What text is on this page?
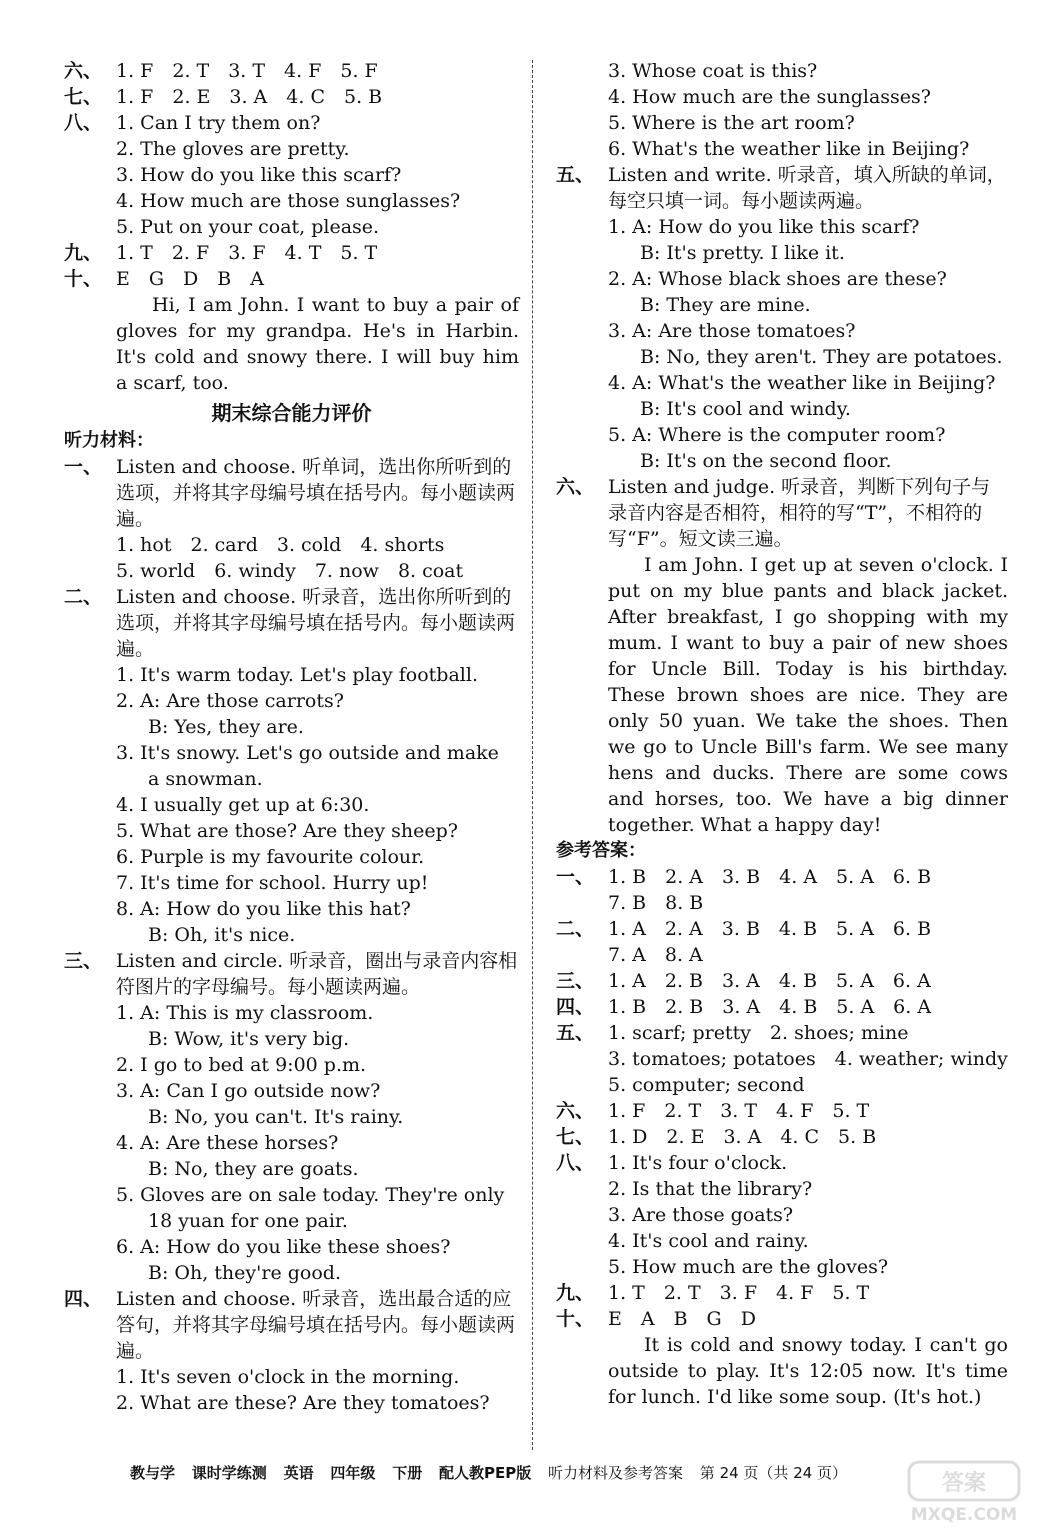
六、 1. F　2. T　3. T　4. F　5. F
七、 1. F　2. E　3. A　4. C　5. B
八、 1. Can I try them on?
2. The gloves are pretty.
3. How do you like this scarf?
4. How much are those sunglasses?
5. Put on your coat, please.
九、 1. T　2. F　3. F　4. T　5. T
十、 E　G　D　B　A
Hi, I am John. I want to buy a pair of gloves for my grandpa. He's in Harbin. It's cold and snowy there. I will buy him a scarf, too.
期末综合能力评价
听力材料：
一、 Listen and choose. 听单词，选出你所听到的选项，并将其字母编号填在括号内。每小题读两遍。
1. hot　2. card　3. cold　4. shorts
5. world　6. windy　7. now　8. coat
二、 Listen and choose. 听录音，选出你所听到的选项，并将其字母编号填在括号内。每小题读两遍。
1. It's warm today. Let's play football.
2. A: Are those carrots?
B: Yes, they are.
3. It's snowy. Let's go outside and make
a snowman.
4. I usually get up at 6:30.
5. What are those? Are they sheep?
6. Purple is my favourite colour.
7. It's time for school. Hurry up!
8. A: How do you like this hat?
B: Oh, it's nice.
三、 Listen and circle. 听录音，圈出与录音内容相符图片的字母编号。每小题读两遍。
1. A: This is my classroom.
B: Wow, it's very big.
2. I go to bed at 9:00 p.m.
3. A: Can I go outside now?
B: No, you can't. It's rainy.
4. A: Are these horses?
B: No, they are goats.
5. Gloves are on sale today. They're only
18 yuan for one pair.
6. A: How do you like these shoes?
B: Oh, they're good.
四、 Listen and choose. 听录音，选出最合适的应答句，并将其字母编号填在括号内。每小题读两遍。
1. It's seven o'clock in the morning.
2. What are these? Are they tomatoes?
3. Whose coat is this?
4. How much are the sunglasses?
5. Where is the art room?
6. What's the weather like in Beijing?
五、 Listen and write. 听录音，填入所缺的单词，每空只填一词。每小题读两遍。
1. A: How do you like this scarf?
B: It's pretty. I like it.
2. A: Whose black shoes are these?
B: They are mine.
3. A: Are those tomatoes?
B: No, they aren't. They are potatoes.
4. A: What's the weather like in Beijing?
B: It's cool and windy.
5. A: Where is the computer room?
B: It's on the second floor.
六、 Listen and judge. 听录音，判断下列句子与录音内容是否相符，相符的写“T”，不相符的写“F”。短文读三遍。
I am John. I get up at seven o'clock. I put on my blue pants and black jacket. After breakfast, I go shopping with my mum. I want to buy a pair of new shoes for Uncle Bill. Today is his birthday. These brown shoes are nice. They are only 50 yuan. We take the shoes. Then we go to Uncle Bill's farm. We see many hens and ducks. There are some cows and horses, too. We have a big dinner together. What a happy day!
参考答案：
一、 1. B　2. A　3. B　4. A　5. A　6. B
7. B　8. B
二、 1. A　2. A　3. B　4. B　5. A　6. B
7. A　8. A
三、 1. A　2. B　3. A　4. B　5. A　6. A
四、 1. B　2. B　3. A　4. B　5. A　6. A
五、 1. scarf; pretty　2. shoes; mine
3. tomatoes; potatoes　4. weather; windy
5. computer; second
六、 1. F　2. T　3. T　4. F　5. T
七、 1. D　2. E　3. A　4. C　5. B
八、 1. It's four o'clock.
2. Is that the library?
3. Are those goats?
4. It's cool and rainy.
5. How much are the gloves?
九、 1. T　2. T　3. F　4. F　5. T
十、 E　A　B　G　D
It is cold and snowy today. I can't go outside to play. It's 12:05 now. It's time for lunch. I'd like some soup. (It's hot.)
教与学 课时学练测 英语 四年级 下册 配人教PEP版 听力材料及参考答案 第 24 页（共 24 页）	答案
MXQE.COM
